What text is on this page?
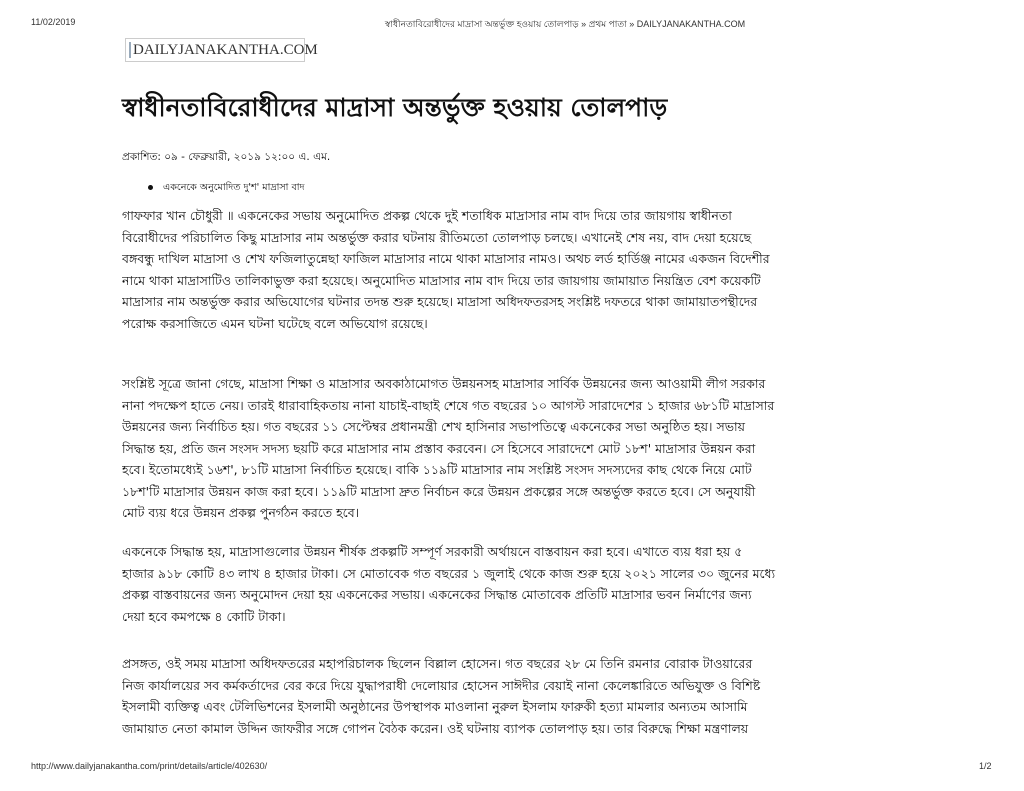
11/02/2019	স্বাধীনতাবিরোধীদের মাদ্রাসা অন্তর্ভুক্ত হওয়ায় তোলপাড় » প্রথম পাতা » DAILYJANAKANTHA.COM
DAILYJANAKANTHA.COM
স্বাধীনতাবিরোধীদের মাদ্রাসা অন্তর্ভুক্ত হওয়ায় তোলপাড়
প্রকাশিত: ০৯ - ফেব্রুয়ারী, ২০১৯ ১২:০০ এ. এম.
একনেকে অনুমোদিত দু'শ' মাদ্রাসা বাদ
গাফফার খান চৌধুরী ॥ একনেকের সভায় অনুমোদিত প্রকল্প থেকে দুই শতাধিক মাদ্রাসার নাম বাদ দিয়ে তার জায়গায় স্বাধীনতা
বিরোধীদের পরিচালিত কিছু মাদ্রাসার নাম অন্তর্ভুক্ত করার ঘটনায় রীতিমতো তোলপাড় চলছে। এখানেই শেষ নয়, বাদ দেয়া হয়েছে
বঙ্গবন্ধু দাখিল মাদ্রাসা ও শেখ ফজিলাতুন্নেছা ফাজিল মাদ্রাসার নামে থাকা মাদ্রাসার নামও। অথচ লর্ড হার্ডিঞ্জ নামের একজন বিদেশীর
নামে থাকা মাদ্রাসাটিও তালিকাভুক্ত করা হয়েছে। অনুমোদিত মাদ্রাসার নাম বাদ দিয়ে তার জায়গায় জামায়াত নিয়ন্ত্রিত বেশ কয়েকটি
মাদ্রাসার নাম অন্তর্ভুক্ত করার অভিযোগের ঘটনার তদন্ত শুরু হয়েছে। মাদ্রাসা অধিদফতরসহ সংশ্লিষ্ট দফতরে থাকা জামায়াতপন্থীদের
পরোক্ষ করসাজিতে এমন ঘটনা ঘটেছে বলে অভিযোগ রয়েছে।
সংশ্লিষ্ট সূত্রে জানা গেছে, মাদ্রাসা শিক্ষা ও মাদ্রাসার অবকাঠামোগত উন্নয়নসহ মাদ্রাসার সার্বিক উন্নয়নের জন্য আওয়ামী লীগ সরকার
নানা পদক্ষেপ হাতে নেয়। তারই ধারাবাহিকতায় নানা যাচাই-বাছাই শেষে গত বছরের ১০ আগস্ট সারাদেশের ১ হাজার ৬৮১টি মাদ্রাসার
উন্নয়নের জন্য নির্বাচিত হয়। গত বছরের ১১ সেপ্টেম্বর প্রধানমন্ত্রী শেখ হাসিনার সভাপতিত্বে একনেকের সভা অনুষ্ঠিত হয়। সভায়
সিদ্ধান্ত হয়, প্রতি জন সংসদ সদস্য ছয়টি করে মাদ্রাসার নাম প্রস্তাব করবেন। সে হিসেবে সারাদেশে মোট ১৮শ' মাদ্রাসার উন্নয়ন করা
হবে। ইতোমধ্যেই ১৬শ', ৮১টি মাদ্রাসা নির্বাচিত হয়েছে। বাকি ১১৯টি মাদ্রাসার নাম সংশ্লিষ্ট সংসদ সদস্যদের কাছ থেকে নিয়ে মোট
১৮শ'টি মাদ্রাসার উন্নয়ন কাজ করা হবে। ১১৯টি মাদ্রাসা দ্রুত নির্বাচন করে উন্নয়ন প্রকল্পের সঙ্গে অন্তর্ভুক্ত করতে হবে। সে অনুযায়ী
মোট ব্যয় ধরে উন্নয়ন প্রকল্প পুনর্গঠন করতে হবে।
একনেকে সিদ্ধান্ত হয়, মাদ্রাসাগুলোর উন্নয়ন শীর্ষক প্রকল্পটি সম্পূর্ণ সরকারী অর্থায়নে বাস্তবায়ন করা হবে। এখাতে ব্যয় ধরা হয় ৫
হাজার ৯১৮ কোটি ৪৩ লাখ ৪ হাজার টাকা। সে মোতাবেক গত বছরের ১ জুলাই থেকে কাজ শুরু হয়ে ২০২১ সালের ৩০ জুনের মধ্যে
প্রকল্প বাস্তবায়নের জন্য অনুমোদন দেয়া হয় একনেকের সভায়। একনেকের সিদ্ধান্ত মোতাবেক প্রতিটি মাদ্রাসার ভবন নির্মাণের জন্য
দেয়া হবে কমপক্ষে ৪ কোটি টাকা।
প্রসঙ্গত, ওই সময় মাদ্রাসা অধিদফতরের মহাপরিচালক ছিলেন বিল্লাল হোসেন। গত বছরের ২৮ মে তিনি রমনার বোরাক টাওয়ারের
নিজ কার্যালয়ের সব কর্মকর্তাদের বের করে দিয়ে যুদ্ধাপরাধী দেলোয়ার হোসেন সাঈদীর বেয়াই নানা কেলেঙ্কারিতে অভিযুক্ত ও বিশিষ্ট
ইসলামী ব্যক্তিত্ব এবং টেলিভিশনের ইসলামী অনুষ্ঠানের উপস্থাপক মাওলানা নুরুল ইসলাম ফারুকী হত্যা মামলার অন্যতম আসামি
জামায়াত নেতা কামাল উদ্দিন জাফরীর সঙ্গে গোপন বৈঠক করেন। ওই ঘটনায় ব্যাপক তোলপাড় হয়। তার বিরুদ্ধে শিক্ষা মন্ত্রণালয়
http://www.dailyjanakantha.com/print/details/article/402630/	1/2
